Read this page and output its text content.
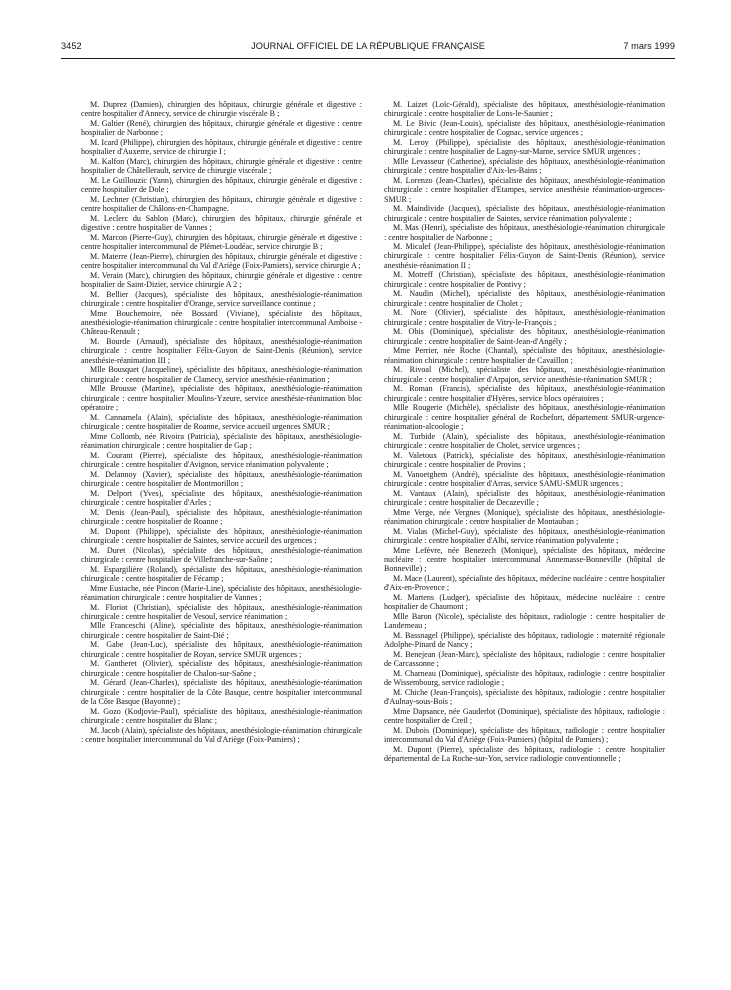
3452	JOURNAL OFFICIEL DE LA RÉPUBLIQUE FRANÇAISE	7 mars 1999

M. Duprez (Damien), chirurgien des hôpitaux, chirurgie générale et digestive : centre hospitalier d'Annecy, service de chirurgie viscérale B ;

M. Galtier (René), chirurgien des hôpitaux, chirurgie générale et digestive : centre hospitalier de Narbonne ;

M. Icard (Philippe), chirurgien des hôpitaux, chirurgie générale et digestive : centre hospitalier d'Auxerre, service de chirurgie I ;

M. Kalfon (Marc), chirurgien des hôpitaux, chirurgie générale et digestive : centre hospitalier de Châtellerault, service de chirurgie viscérale ;

M. Le Guillouzic (Yann), chirurgien des hôpitaux, chirurgie générale et digestive : centre hospitalier de Dole ;

M. Lechner (Christian), chirurgien des hôpitaux, chirurgie générale et digestive : centre hospitalier de Châlons-en-Champagne.

M. Leclerc du Sablon (Marc), chirurgien des hôpitaux, chirurgie générale et digestive : centre hospitalier de Vannes ;

M. Marcon (Pierre-Guy), chirurgien des hôpitaux, chirurgie générale et digestive : centre hospitalier intercommunal de Plémet-Loudéac, service chirurgie B ;

M. Materre (Jean-Pierre), chirurgien des hôpitaux, chirurgie générale et digestive : centre hospitalier intercommunal du Val d'Ariège (Foix-Pamiers), service chirurgie A ;

M. Verain (Marc), chirurgien des hôpitaux, chirurgie générale et digestive : centre hospitalier de Saint-Dizier, service chirurgie A 2 ;

M. Bellier (Jacques), spécialiste des hôpitaux, anesthésiologie-réanimation chirurgicale : centre hospitalier d'Orange, service surveillance continue ;

Mme Bouchemoire, née Bossard (Viviane), spécialiste des hôpitaux, anesthésiologie-réanimation chirurgicale : centre hospitalier intercommunal Amboise - Château-Renault ;

M. Bourde (Arnaud), spécialiste des hôpitaux, anesthésiologie-réanimation chirurgicale : centre hospitalier Félix-Guyon de Saint-Denis (Réunion), service anesthésie-réanimation III ;

Mlle Bousquet (Jacqueline), spécialiste des hôpitaux, anesthésiologie-réanimation chirurgicale : centre hospitalier de Clamecy, service anesthésie-réanimation ;

Mlle Brousse (Martine), spécialiste des hôpitaux, anesthésiologie-réanimation chirurgicale : centre hospitalier Moulins-Yzeure, service anesthésie-réanimation bloc opératoire ;

M. Cannamela (Alain), spécialiste des hôpitaux, anesthésiologie-réanimation chirurgicale : centre hospitalier de Roanne, service accueil urgences SMUR ;

Mme Collomb, née Rivoira (Patricia), spécialiste des hôpitaux, anesthésiologie-réanimation chirurgicale : centre hospitalier de Gap ;

M. Courant (Pierre), spécialiste des hôpitaux, anesthésiologie-réanimation chirurgicale : centre hospitalier d'Avignon, service réanimation polyvalente ;

M. Delannoy (Xavier), spécialiste des hôpitaux, anesthésiologie-réanimation chirurgicale : centre hospitalier de Montmorillon ;

M. Delport (Yves), spécialiste des hôpitaux, anesthésiologie-réanimation chirurgicale : centre hospitalier d'Arles ;

M. Denis (Jean-Paul), spécialiste des hôpitaux, anesthésiologie-réanimation chirurgicale : centre hospitalier de Roanne ;

M. Dupont (Philippe), spécialiste des hôpitaux, anesthésiologie-réanimation chirurgicale : centre hospitalier de Saintes, service accueil des urgences ;

M. Duret (Nicolas), spécialiste des hôpitaux, anesthésiologie-réanimation chirurgicale : centre hospitalier de Villefranche-sur-Saône ;

M. Espargilière (Roland), spécialiste des hôpitaux, anesthésiologie-réanimation chirurgicale : centre hospitalier de Fécamp ;

Mme Eustache, née Pincon (Marie-Line), spécialiste des hôpitaux, anesthésiologie-réanimation chirurgicale : centre hospitalier de Vannes ;

M. Floriot (Christian), spécialiste des hôpitaux, anesthésiologie-réanimation chirurgicale : centre hospitalier de Vesoul, service réanimation ;

Mlle Franceschi (Aline), spécialiste des hôpitaux, anesthésiologie-réanimation chirurgicale : centre hospitalier de Saint-Dié ;

M. Gabe (Jean-Luc), spécialiste des hôpitaux, anesthésiologie-réanimation chirurgicale : centre hospitalier de Royan, service SMUR urgences ;

M. Gantheret (Olivier), spécialiste des hôpitaux, anesthésiologie-réanimation chirurgicale : centre hospitalier de Chalon-sur-Saône ;

M. Gérard (Jean-Charles), spécialiste des hôpitaux, anesthésiologie-réanimation chirurgicale : centre hospitalier de la Côte Basque, centre hospitalier intercommunal de la Côte Basque (Bayonne) ;

M. Gozo (Kodjovie-Paul), spécialiste des hôpitaux, anesthésiologie-réanimation chirurgicale : centre hospitalier du Blanc ;

M. Jacob (Alain), spécialiste des hôpitaux, anesthésiologie-réanimation chirurgicale : centre hospitalier intercommunal du Val d'Ariège (Foix-Pamiers) ;

M. Laizet (Loïc-Gérald), spécialiste des hôpitaux, anesthésiologie-réanimation chirurgicale : centre hospitalier de Lons-le-Saunier ;

M. Le Bivic (Jean-Louis), spécialiste des hôpitaux, anesthésiologie-réanimation chirurgicale : centre hospitalier de Cognac, service urgences ;

M. Leroy (Philippe), spécialiste des hôpitaux, anesthésiologie-réanimation chirurgicale : centre hospitalier de Lagny-sur-Marne, service SMUR urgences ;

Mlle Levasseur (Catherine), spécialiste des hôpitaux, anesthésiologie-réanimation chirurgicale : centre hospitalier d'Aix-les-Bains ;

M. Lorenzo (Jean-Charles), spécialiste des hôpitaux, anesthésiologie-réanimation chirurgicale : centre hospitalier d'Etampes, service anesthésie réanimation-urgences-SMUR ;

M. Maindivide (Jacques), spécialiste des hôpitaux, anesthésiologie-réanimation chirurgicale : centre hospitalier de Saintes, service réanimation polyvalente ;

M. Mas (Henri), spécialiste des hôpitaux, anesthésiologie-réanimation chirurgicale : centre hospitalier de Narbonne ;

M. Micalef (Jean-Philippe), spécialiste des hôpitaux, anesthésiologie-réanimation chirurgicale : centre hospitalier Félix-Guyon de Saint-Denis (Réunion), service anesthésie-réanimation II ;

M. Motreff (Christian), spécialiste des hôpitaux, anesthésiologie-réanimation chirurgicale : centre hospitalier de Pontivy ;

M. Naudin (Michel), spécialiste des hôpitaux, anesthésiologie-réanimation chirurgicale : centre hospitalier de Cholet ;

M. Nore (Olivier), spécialiste des hôpitaux, anesthésiologie-réanimation chirurgicale : centre hospitalier de Vitry-le-François ;

M. Obis (Dominique), spécialiste des hôpitaux, anesthésiologie-réanimation chirurgicale : centre hospitalier de Saint-Jean-d'Angély ;

Mme Perrier, née Roche (Chantal), spécialiste des hôpitaux, anesthésiologie-réanimation chirurgicale : centre hospitalier de Cavaillon ;

M. Rivoal (Michel), spécialiste des hôpitaux, anesthésiologie-réanimation chirurgicale : centre hospitalier d'Arpajon, service anesthésie-réanimation SMUR ;

M. Roman (Francis), spécialiste des hôpitaux, anesthésiologie-réanimation chirurgicale : centre hospitalier d'Hyères, service blocs opératoires ;

Mlle Rougerie (Michèle), spécialiste des hôpitaux, anesthésiologie-réanimation chirurgicale : centre hospitalier général de Rochefort, département SMUR-urgence-réanimation-alcoologie ;

M. Turbide (Alain), spécialiste des hôpitaux, anesthésiologie-réanimation chirurgicale : centre hospitalier de Cholet, service urgences ;

M. Valetoux (Patrick), spécialiste des hôpitaux, anesthésiologie-réanimation chirurgicale : centre hospitalier de Provins ;

M. Vanoetghem (André), spécialiste des hôpitaux, anesthésiologie-réanimation chirurgicale : centre hospitalier d'Arras, service SAMU-SMUR urgences ;

M. Vantaux (Alain), spécialiste des hôpitaux, anesthésiologie-réanimation chirurgicale : centre hospitalier de Decazeville ;

Mme Verge, née Vergnes (Monique), spécialiste des hôpitaux, anesthésiologie-réanimation chirurgicale : centre hospitalier de Montauban ;

M. Vialas (Michel-Guy), spécialiste des hôpitaux, anesthésiologie-réanimation chirurgicale : centre hospitalier d'Albi, service réanimation polyvalente ;

Mme Lefèvre, née Benezech (Monique), spécialiste des hôpitaux, médecine nucléaire : centre hospitalier intercommunal Annemasse-Bonneville (hôpital de Bonneville) ;

M. Mace (Laurent), spécialiste des hôpitaux, médecine nucléaire : centre hospitalier d'Aix-en-Provence ;

M. Martens (Ludger), spécialiste des hôpitaux, médecine nucléaire : centre hospitalier de Chaumont ;

Mlle Baron (Nicole), spécialiste des hôpitaux, radiologie : centre hospitalier de Landerneau ;

M. Bassnagel (Philippe), spécialiste des hôpitaux, radiologie : maternité régionale Adolphe-Pinard de Nancy ;

M. Benejean (Jean-Marc), spécialiste des hôpitaux, radiologie : centre hospitalier de Carcassonne ;

M. Charneau (Dominique), spécialiste des hôpitaux, radiologie : centre hospitalier de Wissembourg, service radiologie ;

M. Chiche (Jean-François), spécialiste des hôpitaux, radiologie : centre hospitalier d'Aulnay-sous-Bois ;

Mme Dapsance, née Gauderlot (Dominique), spécialiste des hôpitaux, radiologie : centre hospitalier de Creil ;

M. Dubois (Dominique), spécialiste des hôpitaux, radiologie : centre hospitalier intercommunal du Val d'Ariège (Foix-Pamiers) (hôpital de Pamiers) ;

M. Dupont (Pierre), spécialiste des hôpitaux, radiologie : centre hospitalier départemental de La Roche-sur-Yon, service radiologie conventionnelle ;
